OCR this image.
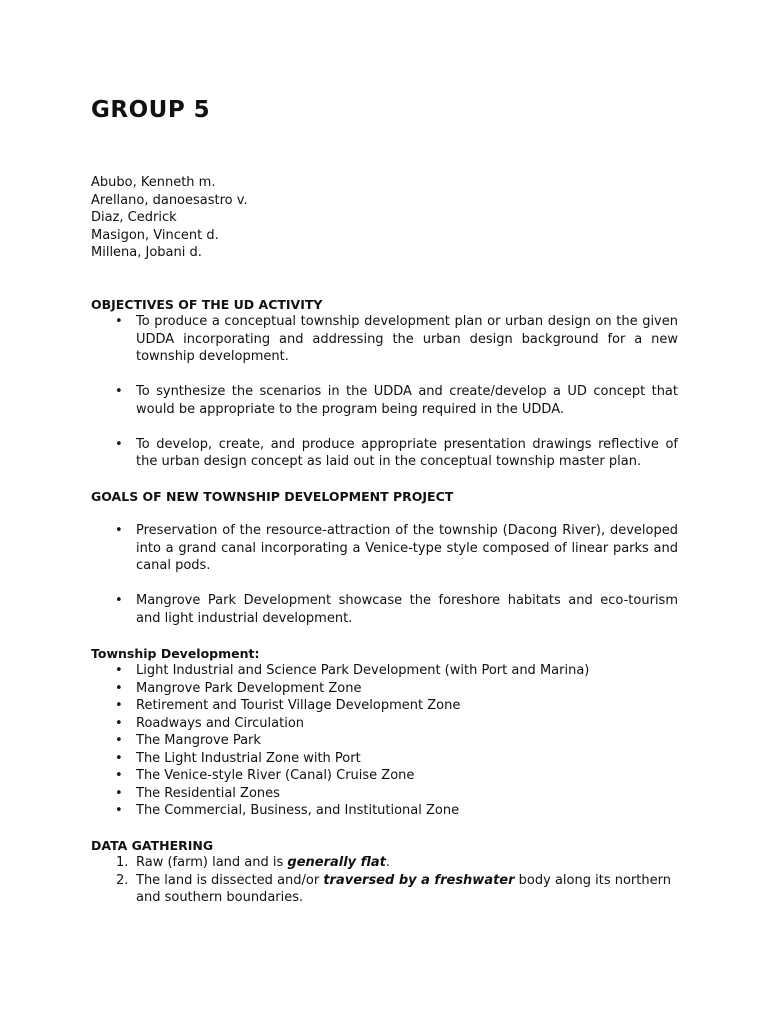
GROUP 5
Abubo, Kenneth m.
Arellano, danoesastro v.
Diaz, Cedrick
Masigon, Vincent d.
Millena, Jobani d.
OBJECTIVES OF THE UD ACTIVITY
• To produce a conceptual township development plan or urban design on the given UDDA incorporating and addressing the urban design background for a new township development.
• To synthesize the scenarios in the UDDA and create/develop a UD concept that would be appropriate to the program being required in the UDDA.
• To develop, create, and produce appropriate presentation drawings reflective of the urban design concept as laid out in the conceptual township master plan.
GOALS OF NEW TOWNSHIP DEVELOPMENT PROJECT
• Preservation of the resource-attraction of the township (Dacong River), developed into a grand canal incorporating a Venice-type style composed of linear parks and canal pods.
• Mangrove Park Development showcase the foreshore habitats and eco-tourism and light industrial development.
Township Development:
• Light Industrial and Science Park Development (with Port and Marina)
• Mangrove Park Development Zone
• Retirement and Tourist Village Development Zone
• Roadways and Circulation
• The Mangrove Park
• The Light Industrial Zone with Port
• The Venice-style River (Canal) Cruise Zone
• The Residential Zones
• The Commercial, Business, and Institutional Zone
DATA GATHERING
1. Raw (farm) land and is generally flat.
2. The land is dissected and/or traversed by a freshwater body along its northern and southern boundaries.
